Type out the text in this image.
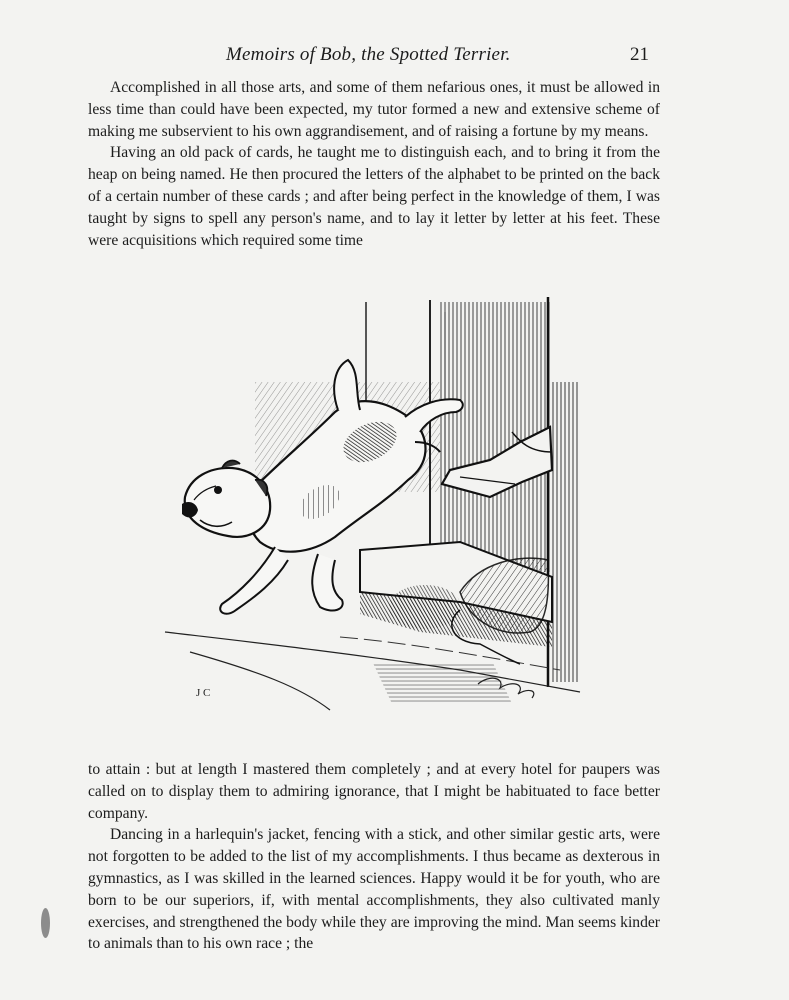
Memoirs of Bob, the Spotted Terrier.	21

Accomplished in all those arts, and some of them nefarious ones, it must be allowed in less time than could have been expected, my tutor formed a new and extensive scheme of making me subservient to his own aggrandisement, and of raising a fortune by my means.

Having an old pack of cards, he taught me to distinguish each, and to bring it from the heap on being named. He then procured the letters of the alphabet to be printed on the back of a certain number of these cards ; and after being perfect in the knowledge of them, I was taught by signs to spell any person's name, and to lay it letter by letter at his feet. These were acquisitions which required some time

J C

to attain : but at length I mastered them completely ; and at every hotel for paupers was called on to display them to admiring ignorance, that I might be habituated to face better company.

Dancing in a harlequin's jacket, fencing with a stick, and other similar gestic arts, were not forgotten to be added to the list of my accomplishments. I thus became as dexterous in gymnastics, as I was skilled in the learned sciences. Happy would it be for youth, who are born to be our superiors, if, with mental accomplishments, they also cultivated manly exercises, and strengthened the body while they are improving the mind. Man seems kinder to animals than to his own race ; the
